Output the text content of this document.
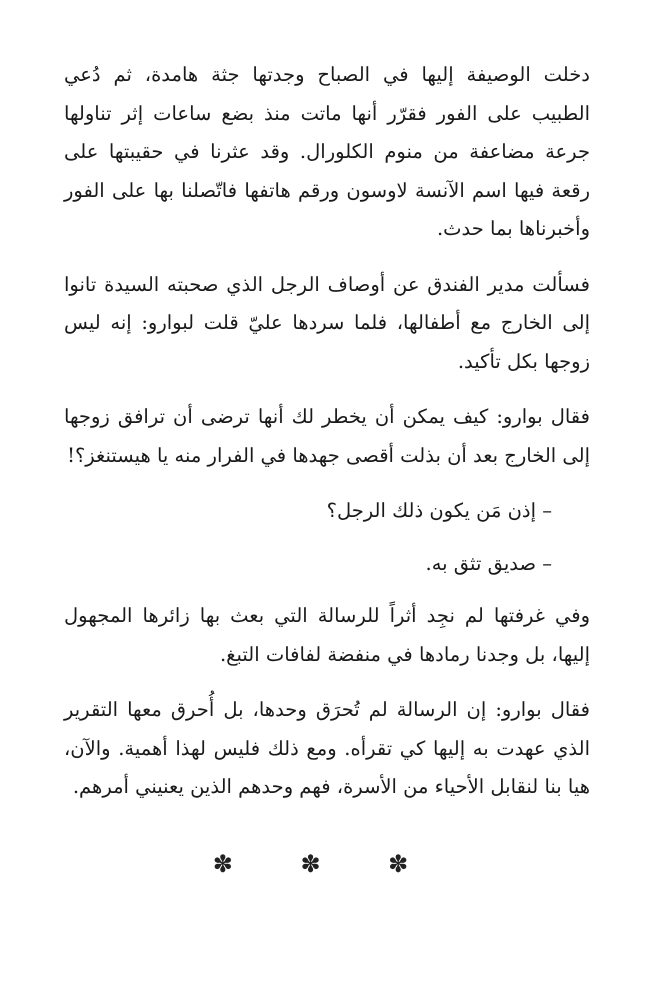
دخلت الوصيفة إليها في الصباح وجدتها جثة هامدة، ثم دُعي الطبيب على الفور فقرّر أنها ماتت منذ بضع ساعات إثر تناولها جرعة مضاعفة من منوم الكلورال. وقد عثرنا في حقيبتها على رقعة فيها اسم الآنسة لاوسون ورقم هاتفها فاتّصلنا بها على الفور وأخبرناها بما حدث.

فسألت مدير الفندق عن أوصاف الرجل الذي صحبته السيدة تانوا إلى الخارج مع أطفالها، فلما سردها عليّ قلت لبوارو: إنه ليس زوجها بكل تأكيد.

فقال بوارو: كيف يمكن أن يخطر لك أنها ترضى أن ترافق زوجها إلى الخارج بعد أن بذلت أقصى جهدها في الفرار منه يا هيستنغز؟!

– إذن مَن يكون ذلك الرجل؟

– صديق تثق به.

وفي غرفتها لم نجِد أثراً للرسالة التي بعث بها زائرها المجهول إليها، بل وجدنا رمادها في منفضة لفافات التبغ.

فقال بوارو: إن الرسالة لم تُحرَق وحدها، بل أُحرق معها التقرير الذي عهدت به إليها كي تقرأه. ومع ذلك فليس لهذا أهمية. والآن، هيا بنا لنقابل الأحياء من الأسرة، فهم وحدهم الذين يعنيني أمرهم.

✽ ✽ ✽
